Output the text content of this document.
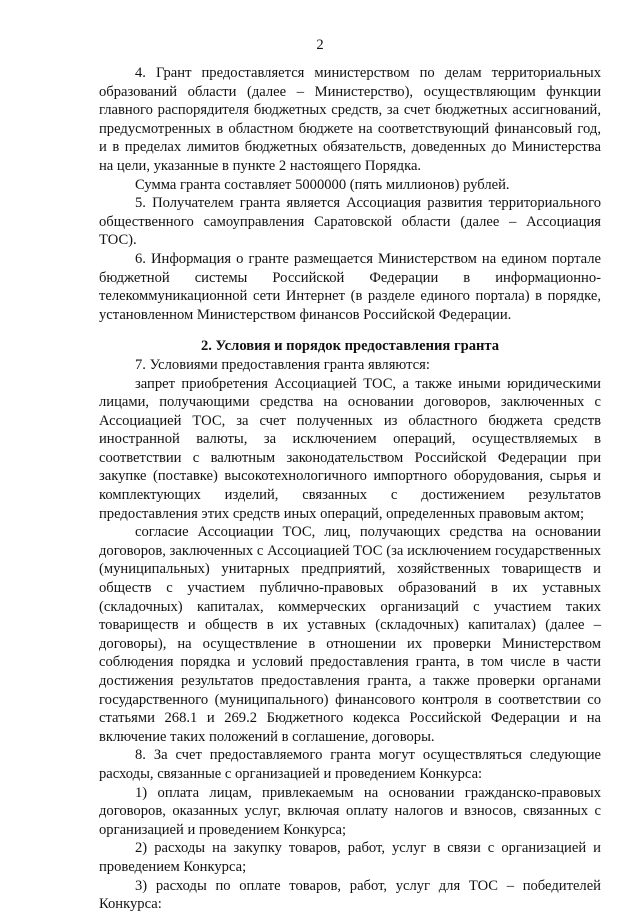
2

4. Грант предоставляется министерством по делам территориальных образований области (далее – Министерство), осуществляющим функции главного распорядителя бюджетных средств, за счет бюджетных ассигнований, предусмотренных в областном бюджете на соответствующий финансовый год, и в пределах лимитов бюджетных обязательств, доведенных до Министерства на цели, указанные в пункте 2 настоящего Порядка.

Сумма гранта составляет 5000000 (пять миллионов) рублей.

5. Получателем гранта является Ассоциация развития территориального общественного самоуправления Саратовской области (далее – Ассоциация ТОС).

6. Информация о гранте размещается Министерством на едином портале бюджетной системы Российской Федерации в информационно-телекоммуникационной сети Интернет (в разделе единого портала) в порядке, установленном Министерством финансов Российской Федерации.

2. Условия и порядок предоставления гранта

7. Условиями предоставления гранта являются:

запрет приобретения Ассоциацией ТОС, а также иными юридическими лицами, получающими средства на основании договоров, заключенных с Ассоциацией ТОС, за счет полученных из областного бюджета средств иностранной валюты, за исключением операций, осуществляемых в соответствии с валютным законодательством Российской Федерации при закупке (поставке) высокотехнологичного импортного оборудования, сырья и комплектующих изделий, связанных с достижением результатов предоставления этих средств иных операций, определенных правовым актом;

согласие Ассоциации ТОС, лиц, получающих средства на основании договоров, заключенных с Ассоциацией ТОС (за исключением государственных (муниципальных) унитарных предприятий, хозяйственных товариществ и обществ с участием публично-правовых образований в их уставных (складочных) капиталах, коммерческих организаций с участием таких товариществ и обществ в их уставных (складочных) капиталах) (далее – договоры), на осуществление в отношении их проверки Министерством соблюдения порядка и условий предоставления гранта, в том числе в части достижения результатов предоставления гранта, а также проверки органами государственного (муниципального) финансового контроля в соответствии со статьями 268.1 и 269.2 Бюджетного кодекса Российской Федерации и на включение таких положений в соглашение, договоры.

8. За счет предоставляемого гранта могут осуществляться следующие расходы, связанные с организацией и проведением Конкурса:

1) оплата лицам, привлекаемым на основании гражданско-правовых договоров, оказанных услуг, включая оплату налогов и взносов, связанных с организацией и проведением Конкурса;

2) расходы на закупку товаров, работ, услуг в связи с организацией и проведением Конкурса;

3) расходы по оплате товаров, работ, услуг для ТОС – победителей Конкурса:
